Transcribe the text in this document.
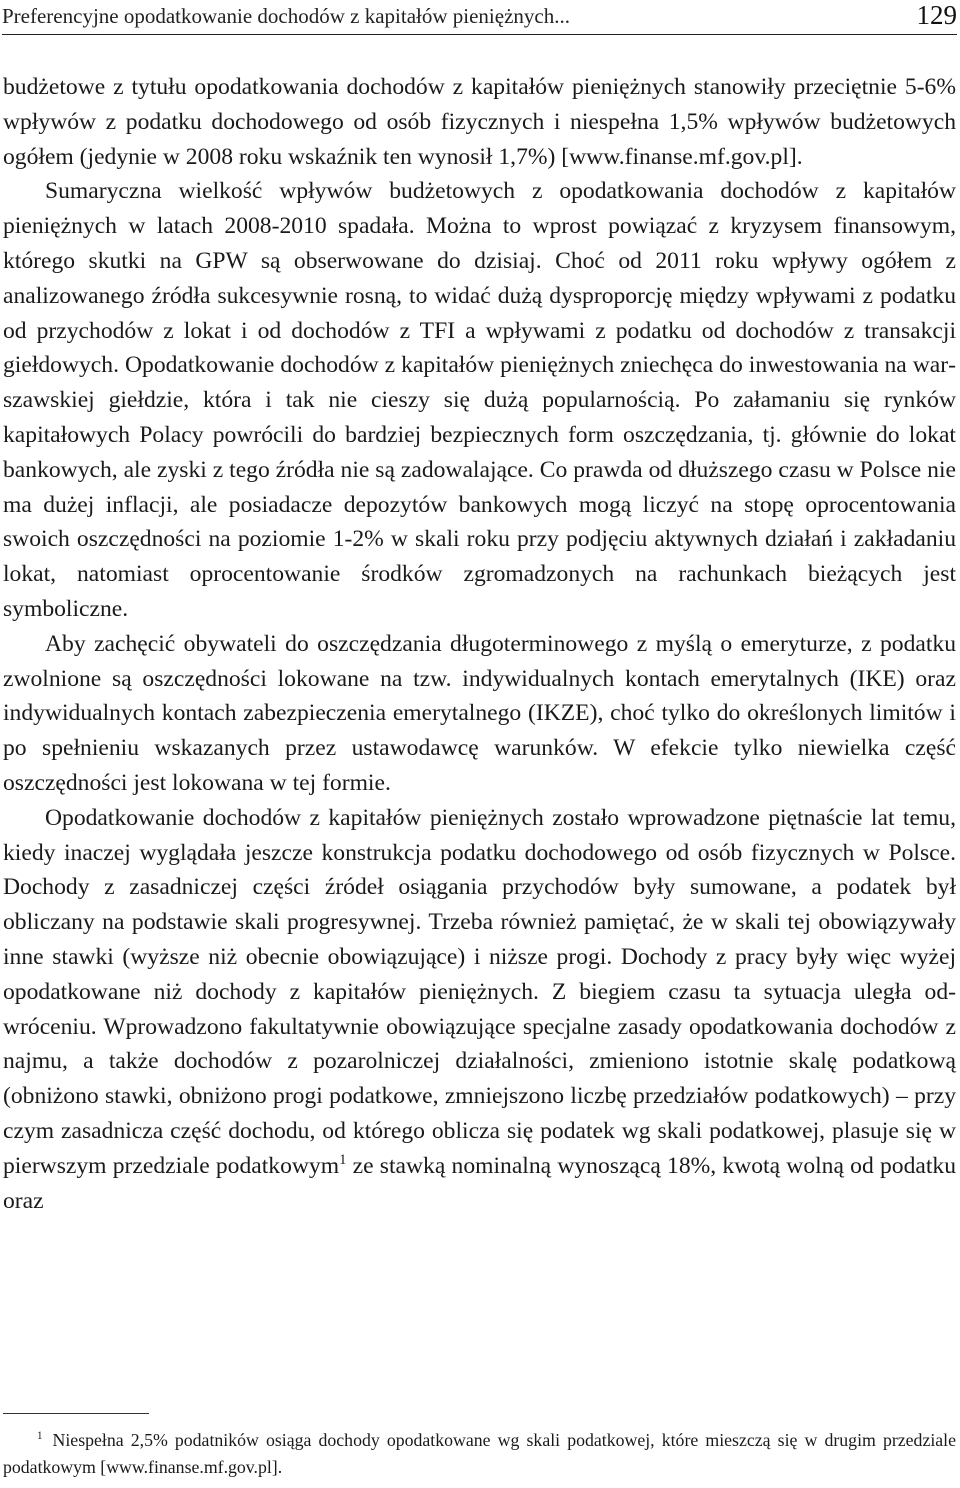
Preferencyjne opodatkowanie dochodów z kapitałów pieniężnych...	129

budżetowe z tytułu opodatkowania dochodów z kapitałów pieniężnych stanowiły przeciętnie 5-6% wpływów z podatku dochodowego od osób fizycznych i niespełna 1,5% wpływów budżetowych ogółem (jedynie w 2008 roku wskaźnik ten wynosił 1,7%) [www.finanse.mf.gov.pl].

Sumaryczna wielkość wpływów budżetowych z opodatkowania dochodów z kapitałów pieniężnych w latach 2008-2010 spadała. Można to wprost powiązać z kryzysem finansowym, którego skutki na GPW są obserwowane do dzisiaj. Choć od 2011 roku wpływy ogółem z analizowanego źródła sukcesywnie rosną, to widać dużą dysproporcję między wpływami z podatku od przychodów z lokat i od dochodów z TFI a wpływami z podatku od dochodów z transakcji giełdowych. Opodatkowanie dochodów z kapitałów pieniężnych zniechęca do inwestowania na warszawskiej giełdzie, która i tak nie cieszy się dużą popularnością. Po załamaniu się rynków kapitałowych Polacy powrócili do bardziej bezpiecznych form oszczędzania, tj. głównie do lokat bankowych, ale zyski z tego źródła nie są zadowalające. Co prawda od dłuższego czasu w Polsce nie ma dużej inflacji, ale posiadacze depozytów bankowych mogą liczyć na stopę oprocentowania swoich oszczędności na poziomie 1-2% w skali roku przy podjęciu aktywnych działań i zakładaniu lokat, natomiast oprocentowanie środków zgromadzonych na rachunkach bieżących jest symboliczne.

Aby zachęcić obywateli do oszczędzania długoterminowego z myślą o emeryturze, z podatku zwolnione są oszczędności lokowane na tzw. indywidualnych kontach emerytalnych (IKE) oraz indywidualnych kontach zabezpieczenia emerytalnego (IKZE), choć tylko do określonych limitów i po spełnieniu wskazanych przez ustawodawcę warunków. W efekcie tylko niewielka część oszczędności jest lokowana w tej formie.

Opodatkowanie dochodów z kapitałów pieniężnych zostało wprowadzone piętnaście lat temu, kiedy inaczej wyglądała jeszcze konstrukcja podatku dochodowego od osób fizycznych w Polsce. Dochody z zasadniczej części źródeł osiągania przychodów były sumowane, a podatek był obliczany na podstawie skali progresywnej. Trzeba również pamiętać, że w skali tej obowiązywały inne stawki (wyższe niż obecnie obowiązujące) i niższe progi. Dochody z pracy były więc wyżej opodatkowane niż dochody z kapitałów pieniężnych. Z biegiem czasu ta sytuacja uległa odwróceniu. Wprowadzono fakultatywnie obowiązujące specjalne zasady opodatkowania dochodów z najmu, a także dochodów z pozarolniczej działalności, zmieniono istotnie skalę podatkową (obniżono stawki, obniżono progi podatkowe, zmniejszono liczbę przedziałów podatkowych) – przy czym zasadnicza część dochodu, od którego oblicza się podatek wg skali podatkowej, plasuje się w pierwszym przedziale podatkowym$^1$ ze stawką nominalną wynoszącą 18%, kwotą wolną od podatku oraz

$^1$ Niespełna 2,5% podatników osiąga dochody opodatkowane wg skali podatkowej, które mieszczą się w drugim przedziale podatkowym [www.finanse.mf.gov.pl].
